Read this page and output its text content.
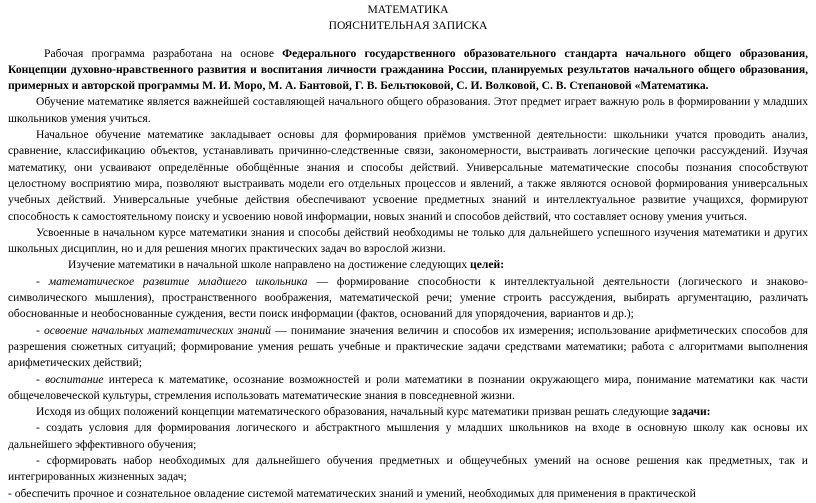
МАТЕМАТИКА
ПОЯСНИТЕЛЬНАЯ ЗАПИСКА

Рабочая программа разработана на основе Федерального государственного образовательного стандарта начального общего образования, Концепции духовно-нравственного развития и воспитания личности гражданина России, планируемых результатов начального общего образования, примерных и авторской программы М. И. Моро, М. А. Бантовой, Г. В. Бельтюковой, С. И. Волковой, С. В. Степановой «Математика.

Обучение математике является важнейшей составляющей начального общего образования. Этот предмет играет важную роль в формировании у младших школьников умения учиться.

Начальное обучение математике закладывает основы для формирования приёмов умственной деятельности: школьники учатся проводить анализ, сравнение, классификацию объектов, устанавливать причинно-следственные связи, закономерности, выстраивать логические цепочки рассуждений. Изучая математику, они усваивают определённые обобщённые знания и способы действий. Универсальные математические способы познания способствуют целостному восприятию мира, позволяют выстраивать модели его отдельных процессов и явлений, а также являются основой формирования универсальных учебных действий. Универсальные учебные действия обеспечивают усвоение предметных знаний и интеллектуальное развитие учащихся, формируют способность к самостоятельному поиску и усвоению новой информации, новых знаний и способов действий, что составляет основу умения учиться.

Усвоенные в начальном курсе математики знания и способы действий необходимы не только для дальнейшего успешного изучения математики и других школьных дисциплин, но и для решения многих практических задач во взрослой жизни.

Изучение математики в начальной школе направлено на достижение следующих целей:

- математическое развитие младшего школьника — формирование способности к интеллектуальной деятельности (логического и знаково-символического мышления), пространственного воображения, математической речи; умение строить рассуждения, выбирать аргументацию, различать обоснованные и необоснованные суждения, вести поиск информации (фактов, оснований для упорядочения, вариантов и др.);

- освоение начальных математических знаний — понимание значения величин и способов их измерения; использование арифметических способов для разрешения сюжетных ситуаций; формирование умения решать учебные и практические задачи средствами математики; работа с алгоритмами выполнения арифметических действий;

- воспитание интереса к математике, осознание возможностей и роли математики в познании окружающего мира, понимание математики как части общечеловеческой культуры, стремления использовать математические знания в повседневной жизни.

Исходя из общих положений концепции математического образования, начальный курс математики призван решать следующие задачи:

- создать условия для формирования логического и абстрактного мышления у младших школьников на входе в основную школу как основы их дальнейшего эффективного обучения;

- сформировать набор необходимых для дальнейшего обучения предметных и общеучебных умений на основе решения как предметных, так и интегрированных жизненных задач;

- обеспечить прочное и сознательное овладение системой математических знаний и умений, необходимых для применения в практической
